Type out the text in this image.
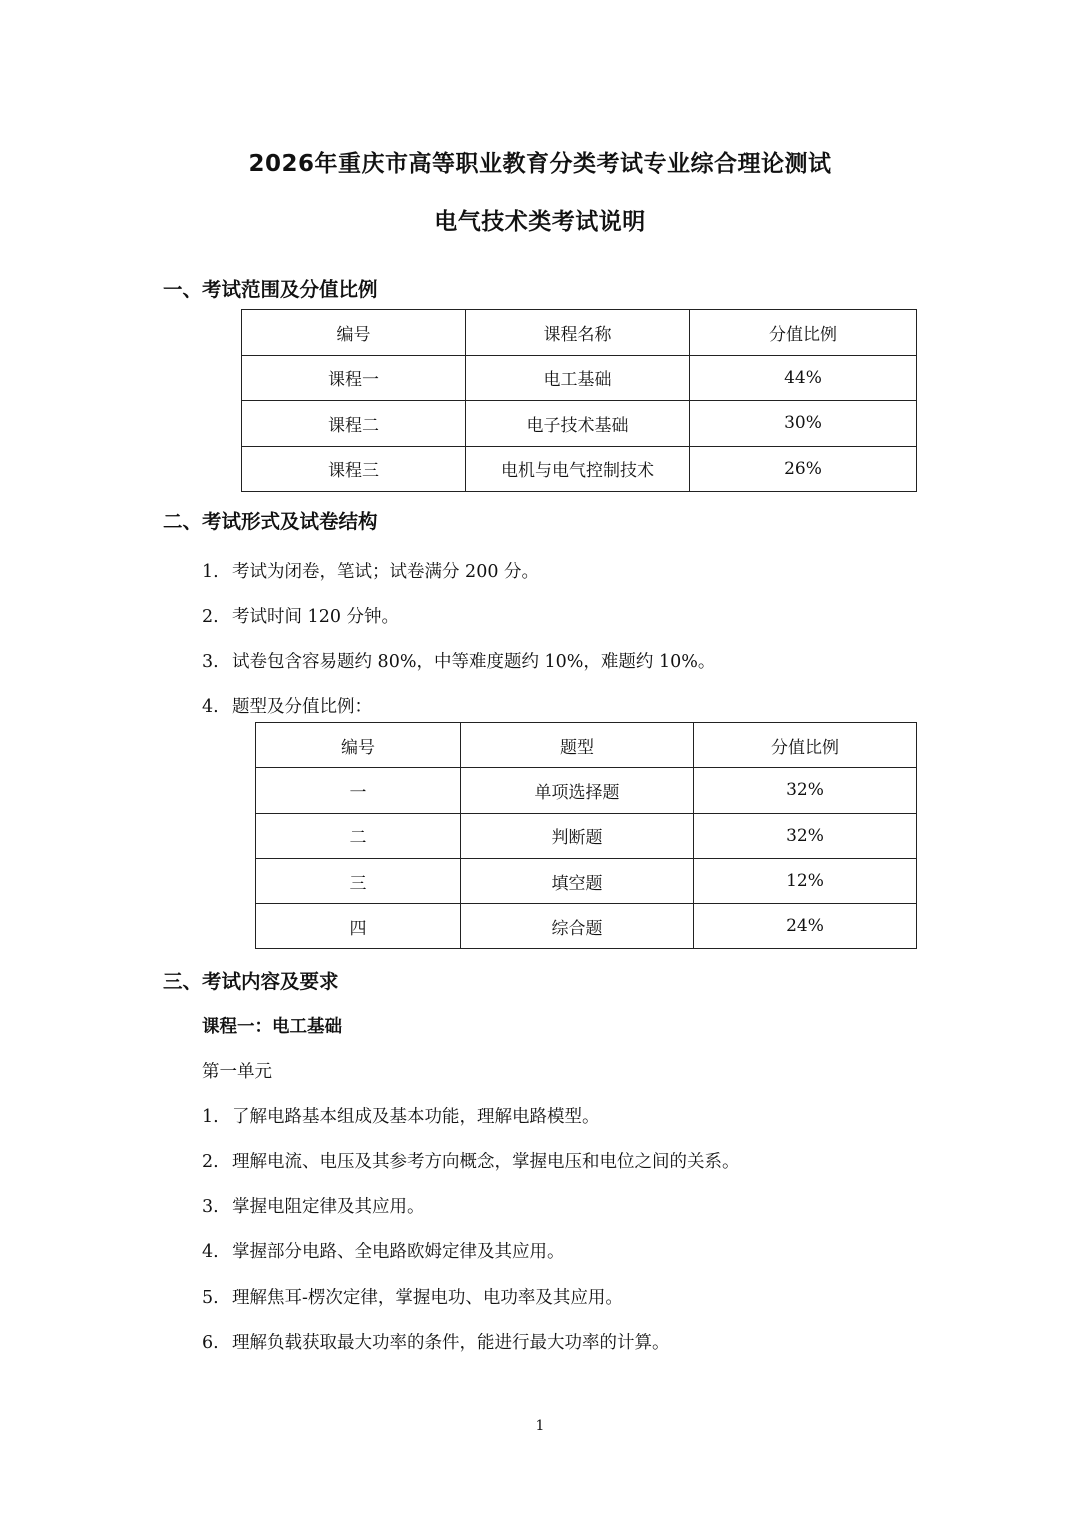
2026年重庆市高等职业教育分类考试专业综合理论测试
电气技术类考试说明
一、考试范围及分值比例
编号	课程名称	分值比例
课程一	电工基础	44%
课程二	电子技术基础	30%
课程三	电机与电气控制技术	26%
二、考试形式及试卷结构
1. 考试为闭卷，笔试；试卷满分 200 分。
2. 考试时间 120 分钟。
3. 试卷包含容易题约 80%，中等难度题约 10%，难题约 10%。
4. 题型及分值比例：
编号	题型	分值比例
一	单项选择题	32%
二	判断题	32%
三	填空题	12%
四	综合题	24%
三、考试内容及要求
课程一：电工基础
第一单元
1. 了解电路基本组成及基本功能，理解电路模型。
2. 理解电流、电压及其参考方向概念，掌握电压和电位之间的关系。
3. 掌握电阻定律及其应用。
4. 掌握部分电路、全电路欧姆定律及其应用。
5. 理解焦耳-楞次定律，掌握电功、电功率及其应用。
6. 理解负载获取最大功率的条件，能进行最大功率的计算。
1
